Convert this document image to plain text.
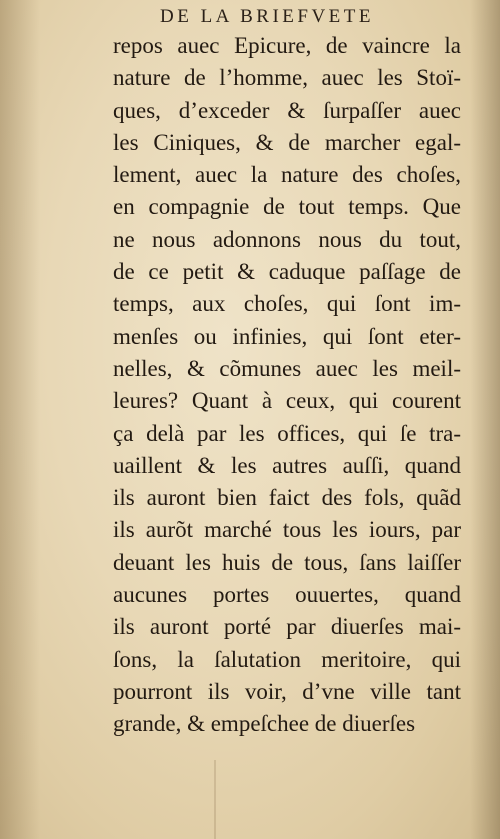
DE LA BRIEFVETE
repos auec Epicure, de vaincre la
nature de l’homme, auec les Stoï-
ques, d’exceder & ſurpaſſer auec
les Ciniques, & de marcher egal-
lement, auec la nature des choſes,
en compagnie de tout temps. Que
ne nous adonnons nous du tout,
de ce petit & caduque paſſage de
temps, aux choſes, qui ſont im-
menſes ou infinies, qui ſont eter-
nelles, & cõmunes auec les meil-
leures? Quant à ceux, qui courent
ça delà par les offices, qui ſe tra-
uaillent & les autres auſſi, quand
ils auront bien faict des fols, quãd
ils aurõt marché tous les iours, par
deuant les huis de tous, ſans laiſſer
aucunes portes ouuertes, quand
ils auront porté par diuerſes mai-
ſons, la ſalutation meritoire, qui
pourront ils voir, d’vne ville tant
grande, & empeſchee de diuerſes
